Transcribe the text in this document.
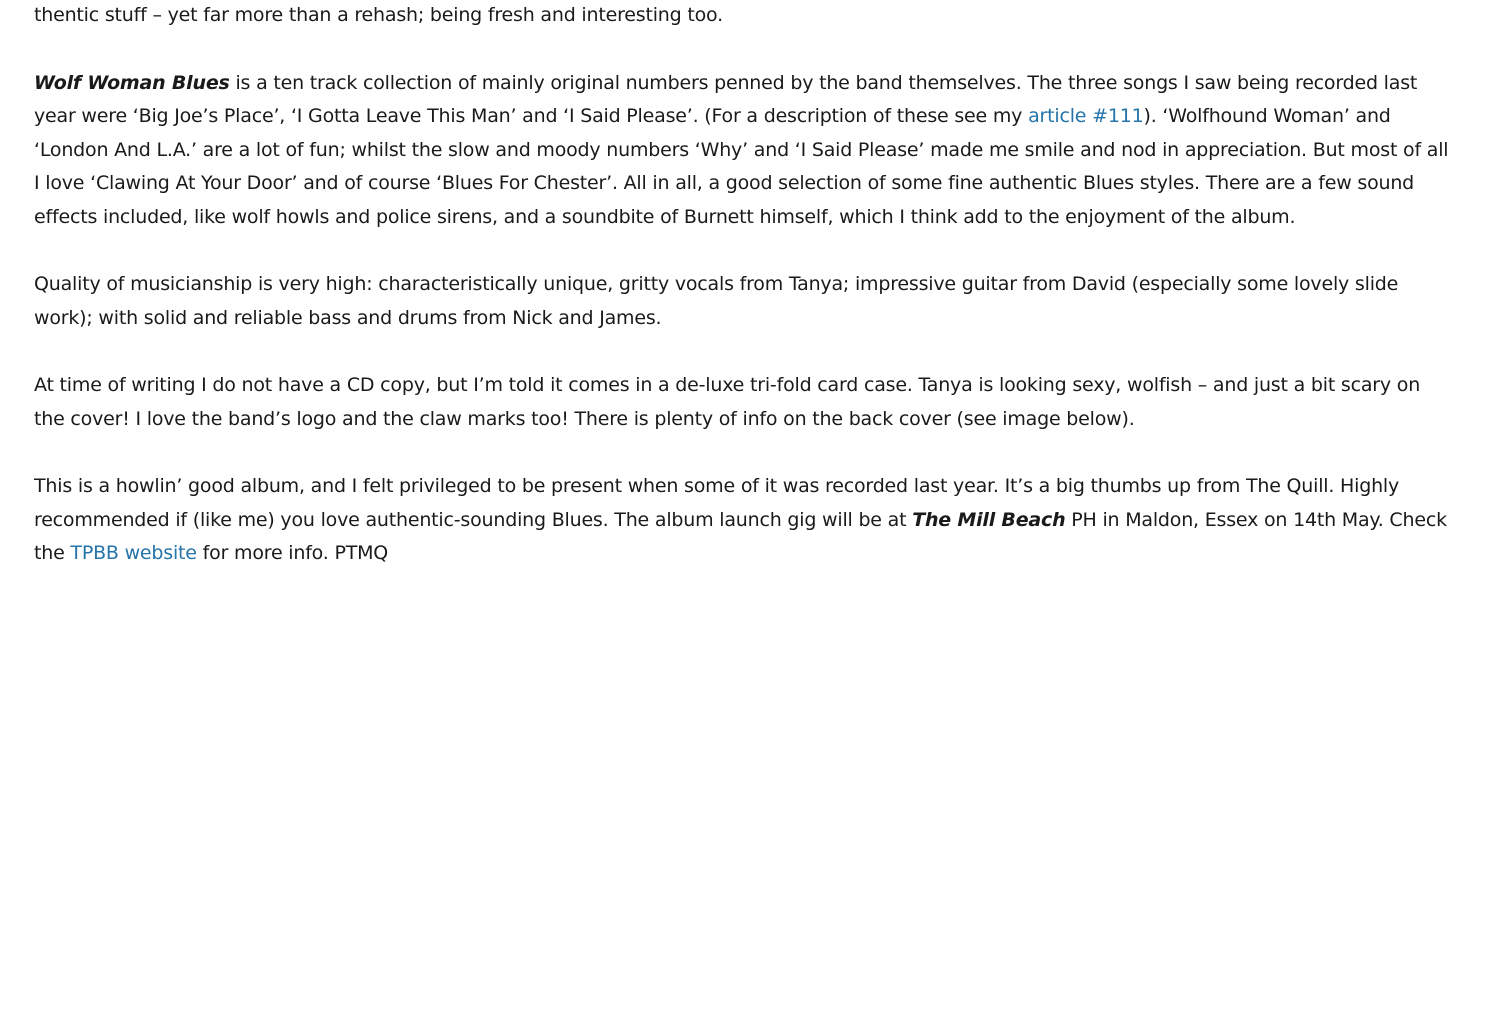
thentic stuff – yet far more than a rehash; being fresh and interesting too.

Wolf Woman Blues is a ten track collection of mainly original numbers penned by the band themselves. The three songs I saw being recorded last year were ‘Big Joe’s Place’, ‘I Gotta Leave This Man’ and ‘I Said Please’. (For a description of these see my article #111). ‘Wolfhound Woman’ and ‘London And L.A.’ are a lot of fun; whilst the slow and moody numbers ‘Why’ and ‘I Said Please’ made me smile and nod in appreciation. But most of all I love ‘Clawing At Your Door’ and of course ‘Blues For Chester’. All in all, a good selection of some fine authentic Blues styles. There are a few sound effects included, like wolf howls and police sirens, and a soundbite of Burnett himself, which I think add to the enjoyment of the album.

Quality of musicianship is very high: characteristically unique, gritty vocals from Tanya; impressive guitar from David (especially some lovely slide work); with solid and reliable bass and drums from Nick and James.

At time of writing I do not have a CD copy, but I’m told it comes in a de-luxe tri-fold card case. Tanya is looking sexy, wolfish – and just a bit scary on the cover! I love the band’s logo and the claw marks too! There is plenty of info on the back cover (see image below).

This is a howlin’ good album, and I felt privileged to be present when some of it was recorded last year. It’s a big thumbs up from The Quill. Highly recommended if (like me) you love authentic-sounding Blues. The album launch gig will be at The Mill Beach PH in Maldon, Essex on 14th May. Check the TPBB website for more info. PTMQ
